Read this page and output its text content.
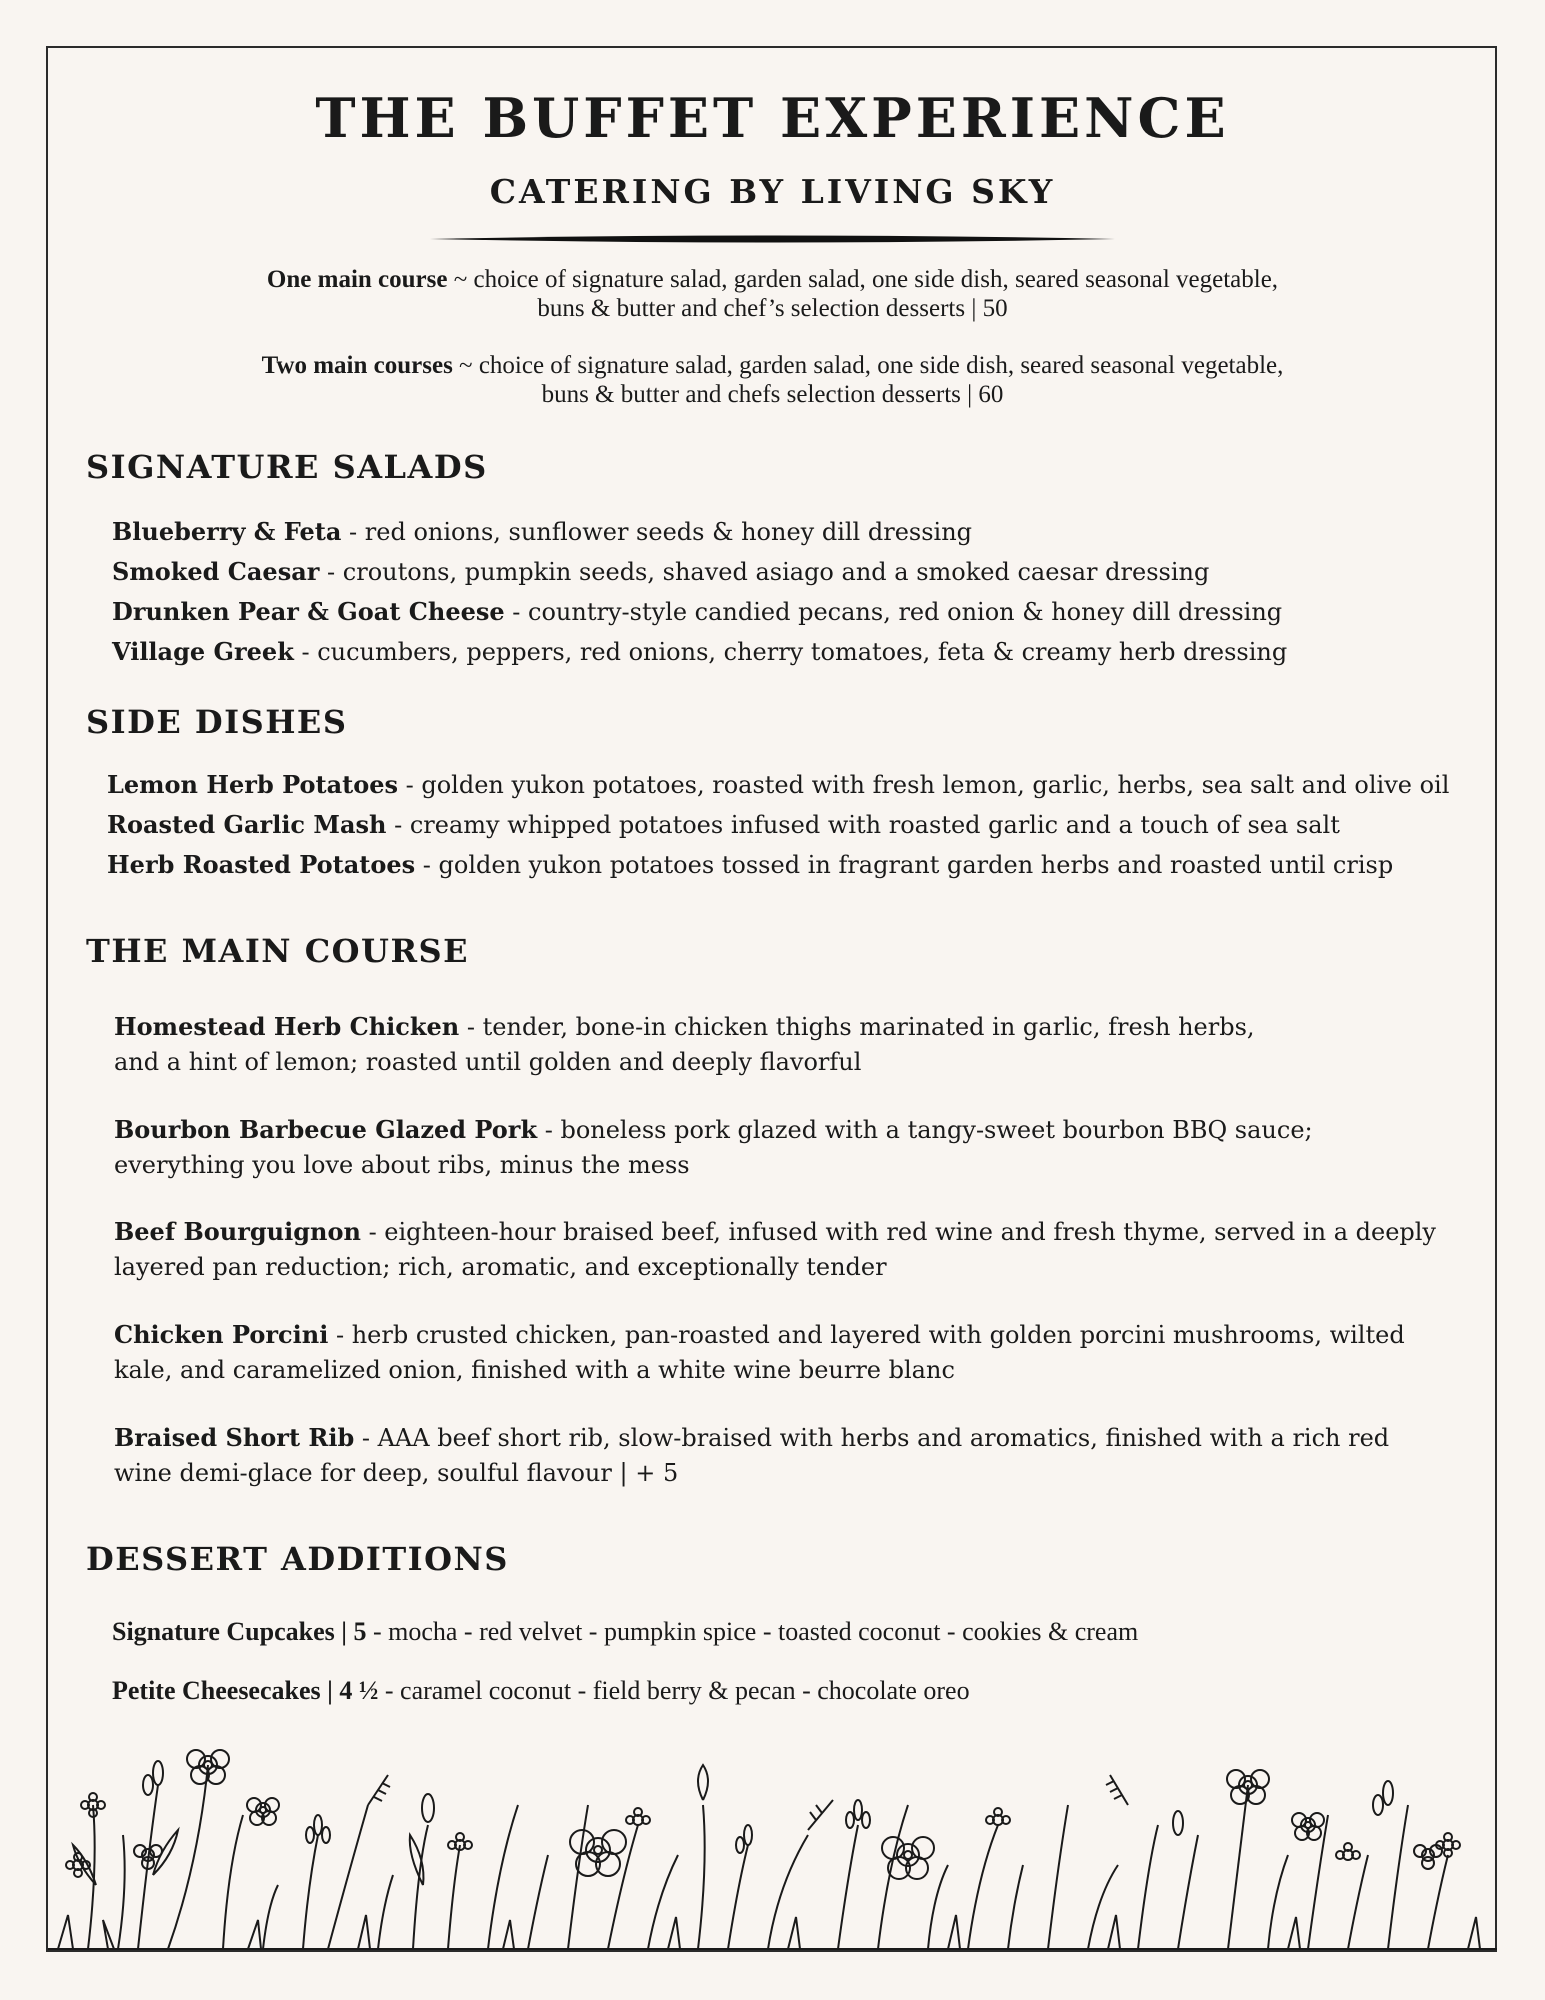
THE BUFFET EXPERIENCE
CATERING BY LIVING SKY
One main course ~ choice of signature salad, garden salad, one side dish, seared seasonal vegetable,
buns & butter and chef’s selection desserts | 50
Two main courses ~ choice of signature salad, garden salad, one side dish, seared seasonal vegetable,
buns & butter and chefs selection desserts | 60
SIGNATURE SALADS
Blueberry & Feta - red onions, sunflower seeds & honey dill dressing
Smoked Caesar - croutons, pumpkin seeds, shaved asiago and a smoked caesar dressing
Drunken Pear & Goat Cheese - country-style candied pecans, red onion & honey dill dressing
Village Greek - cucumbers, peppers, red onions, cherry tomatoes, feta & creamy herb dressing
SIDE DISHES
Lemon Herb Potatoes - golden yukon potatoes, roasted with fresh lemon, garlic, herbs, sea salt and olive oil
Roasted Garlic Mash - creamy whipped potatoes infused with roasted garlic and a touch of sea salt
Herb Roasted Potatoes - golden yukon potatoes tossed in fragrant garden herbs and roasted until crisp
THE MAIN COURSE
Homestead Herb Chicken - tender, bone-in chicken thighs marinated in garlic, fresh herbs,
and a hint of lemon; roasted until golden and deeply flavorful
Bourbon Barbecue Glazed Pork - boneless pork glazed with a tangy-sweet bourbon BBQ sauce;
everything you love about ribs, minus the mess
Beef Bourguignon - eighteen-hour braised beef, infused with red wine and fresh thyme, served in a deeply
layered pan reduction; rich, aromatic, and exceptionally tender
Chicken Porcini - herb crusted chicken, pan-roasted and layered with golden porcini mushrooms, wilted
kale, and caramelized onion, finished with a white wine beurre blanc
Braised Short Rib - AAA beef short rib, slow-braised with herbs and aromatics, finished with a rich red
wine demi-glace for deep, soulful flavour | + 5
DESSERT ADDITIONS
Signature Cupcakes | 5 - mocha - red velvet - pumpkin spice - toasted coconut - cookies & cream
Petite Cheesecakes | 4 ½ - caramel coconut - field berry & pecan - chocolate oreo
